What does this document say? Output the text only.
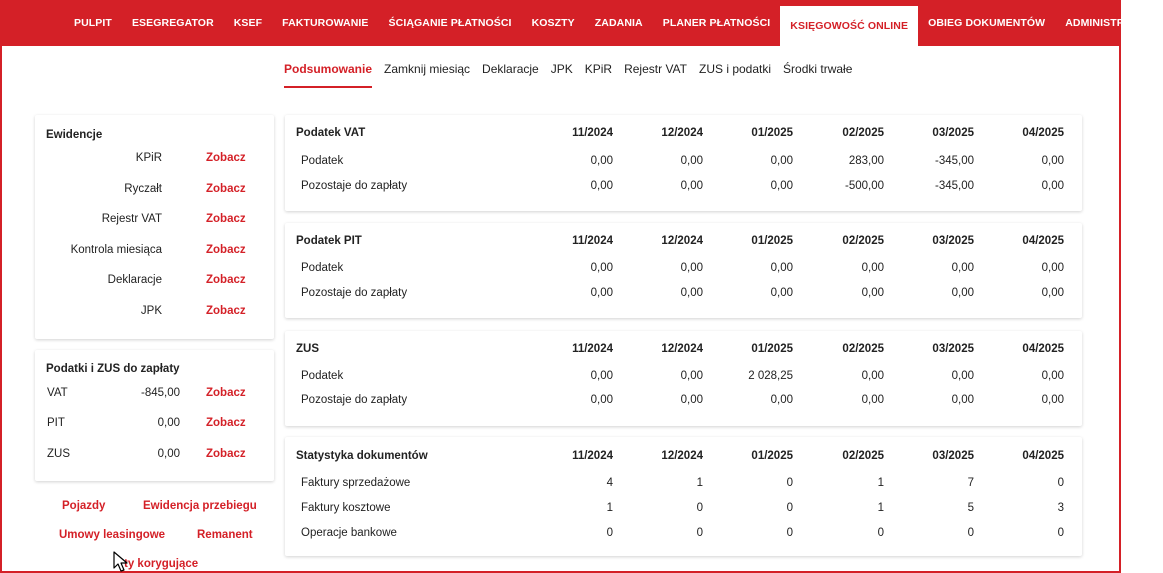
PULPIT	ESEGREGATOR	KSEF	FAKTUROWANIE	ŚCIĄGANIE PŁATNOŚCI	KOSZTY	ZADANIA	PLANER PŁATNOŚCI	KSIĘGOWOŚĆ ONLINE	OBIEG DOKUMENTÓW	ADMINISTRACJA
Podsumowanie Zamknij miesiąc Deklaracje JPK KPiR Rejestr VAT ZUS i podatki Środki trwałe
Ewidencje
KPiR	Zobacz
Ryczałt	Zobacz
Rejestr VAT	Zobacz
Kontrola miesiąca	Zobacz
Deklaracje	Zobacz
JPK	Zobacz
Podatki i ZUS do zapłaty
VAT	-845,00 Zobacz
PIT	0,00 Zobacz
ZUS	0,00 Zobacz
Pojazdy	Ewidencja przebiegu
Umowy leasingowe	Remanent
ty korygujące
Podatek VAT	11/2024	12/2024	01/2025	02/2025	03/2025	04/2025
Podatek	0,00	0,00	0,00	283,00	-345,00	0,00
Pozostaje do zapłaty	0,00	0,00	0,00	-500,00	-345,00	0,00
Podatek PIT	11/2024	12/2024	01/2025	02/2025	03/2025	04/2025
Podatek	0,00	0,00	0,00	0,00	0,00	0,00
Pozostaje do zapłaty	0,00	0,00	0,00	0,00	0,00	0,00
ZUS	11/2024	12/2024	01/2025	02/2025	03/2025	04/2025
Podatek	0,00	0,00	2 028,25	0,00	0,00	0,00
Pozostaje do zapłaty	0,00	0,00	0,00	0,00	0,00	0,00
Statystyka dokumentów	11/2024	12/2024	01/2025	02/2025	03/2025	04/2025
Faktury sprzedażowe	4	1	0	1	7	0
Faktury kosztowe	1	0	0	1	5	3
Operacje bankowe	0	0	0	0	0	0
